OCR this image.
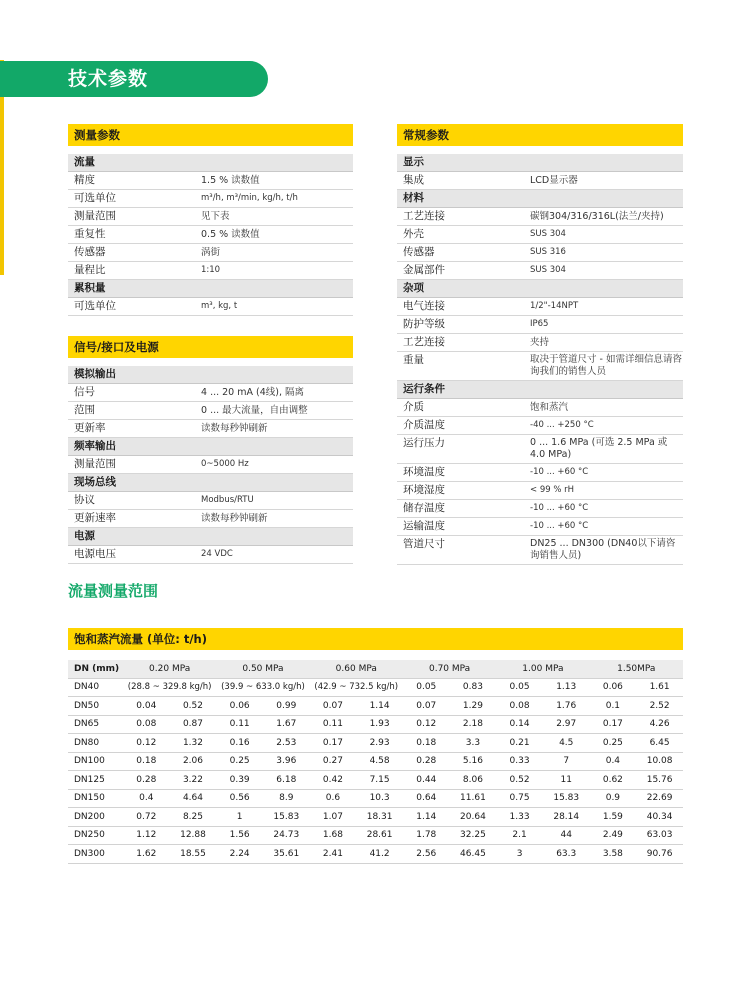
技术参数
测量参数
流量
精度	1.5 % 读数值
可选单位	m³/h, m³/min, kg/h, t/h
测量范围	见下表
重复性	0.5 % 读数值
传感器	涡街
量程比	1:10
累积量
可选单位	m³, kg, t
信号/接口及电源
模拟输出
信号	4 ... 20 mA (4线), 隔离
范围	0 ... 最大流量，自由调整
更新率	读数每秒钟刷新
频率输出
测量范围	0~5000 Hz
现场总线
协议	Modbus/RTU
更新速率	读数每秒钟刷新
电源
电源电压	24 VDC
常规参数
显示
集成	LCD显示器
材料
工艺连接	碳钢304/316/316L(法兰/夹持)
外壳	SUS 304
传感器	SUS 316
金属部件	SUS 304
杂项
电气连接	1/2"-14NPT
防护等级	IP65
工艺连接	夹持
重量	取决于管道尺寸 - 如需详细信息请咨询我们的销售人员
运行条件
介质	饱和蒸汽
介质温度	-40 ... +250 °C
运行压力	0 ... 1.6 MPa (可选 2.5 MPa 或 4.0 MPa)
环境温度	-10 ... +60 °C
环境湿度	< 99 % rH
储存温度	-10 ... +60 °C
运输温度	-10 ... +60 °C
管道尺寸	DN25 ... DN300 (DN40以下请咨询销售人员)
流量测量范围
饱和蒸汽流量 (单位: t/h)
DN (mm)	0.20 MPa		0.50 MPa		0.60 MPa		0.70 MPa		1.00 MPa		1.50MPa	
DN40	(28.8 ~ 329.8 kg/h)		(39.9 ~ 633.0 kg/h)		(42.9 ~ 732.5 kg/h)		0.05	0.83	0.05	1.13	0.06	1.61
DN50	0.04	0.52	0.06	0.99	0.07	1.14	0.07	1.29	0.08	1.76	0.1	2.52
DN65	0.08	0.87	0.11	1.67	0.11	1.93	0.12	2.18	0.14	2.97	0.17	4.26
DN80	0.12	1.32	0.16	2.53	0.17	2.93	0.18	3.3	0.21	4.5	0.25	6.45
DN100	0.18	2.06	0.25	3.96	0.27	4.58	0.28	5.16	0.33	7	0.4	10.08
DN125	0.28	3.22	0.39	6.18	0.42	7.15	0.44	8.06	0.52	11	0.62	15.76
DN150	0.4	4.64	0.56	8.9	0.6	10.3	0.64	11.61	0.75	15.83	0.9	22.69
DN200	0.72	8.25	1	15.83	1.07	18.31	1.14	20.64	1.33	28.14	1.59	40.34
DN250	1.12	12.88	1.56	24.73	1.68	28.61	1.78	32.25	2.1	44	2.49	63.03
DN300	1.62	18.55	2.24	35.61	2.41	41.2	2.56	46.45	3	63.3	3.58	90.76
